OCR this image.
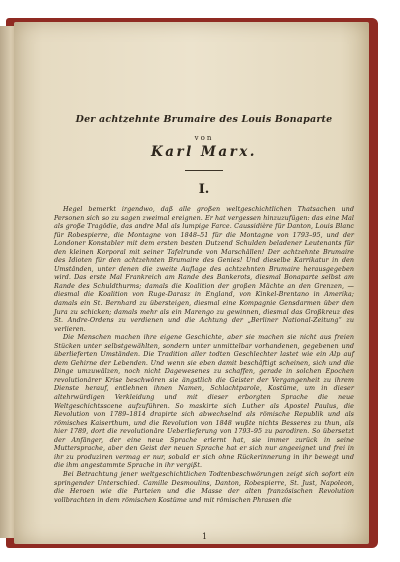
Der achtzehnte Brumaire des Louis Bonaparte
von
Karl Marx.
I.

Hegel bemerkt irgendwo, daß alle großen weltgeschichtlichen Thatsachen und Personen sich so zu sagen zweimal ereignen. Er hat vergessen hinzuzufügen: das eine Mal als große Tragödie, das andre Mal als lumpige Farce. Caussidière für Danton, Louis Blanc für Robespierre, die Montagne von 1848–51 für die Montagne von 1793–95, und der Londoner Konstabler mit dem ersten besten Dutzend Schulden beladener Leutenants für den kleinen Korporal mit seiner Tafelrunde von Marschällen! Der achtzehnte Brumaire des Idioten für den achtzehnten Brumaire des Genies! Und dieselbe Karrikatur in den Umständen, unter denen die zweite Auflage des achtzehnten Brumaire herausgegeben wird. Das erste Mal Frankreich am Rande des Bankerots, diesmal Bonaparte selbst am Rande des Schuldthurms; damals die Koalition der großen Mächte an den Grenzen, — diesmal die Koalition von Ruge-Darasz in England, von Kinkel-Brentano in Amerika; damals ein St. Bernhard zu übersteigen, diesmal eine Kompagnie Gensdarmen über den Jura zu schicken; damals mehr als ein Marengo zu gewinnen, diesmal das Großkreuz des St. Andre-Ordens zu verdienen und die Achtung der „Berliner National-Zeitung“ zu verlieren.

Die Menschen machen ihre eigene Geschichte, aber sie machen sie nicht aus freien Stücken unter selbstgewählten, sondern unter unmittelbar vorhandenen, gegebenen und überlieferten Umständen. Die Tradition aller todten Geschlechter lastet wie ein Alp auf dem Gehirne der Lebenden. Und wenn sie eben damit beschäftigt scheinen, sich und die Dinge umzuwälzen, noch nicht Dagewesenes zu schaffen, gerade in solchen Epochen revolutionärer Krise beschwören sie ängstlich die Geister der Vergangenheit zu ihrem Dienste herauf, entlehnen ihnen Namen, Schlachtparole, Kostüme, um in dieser altehrwürdigen Verkleidung und mit dieser erborgten Sprache die neue Weltgeschichtsscene aufzuführen. So maskirte sich Luther als Apostel Paulus, die Revolution von 1789–1814 drapirte sich abwechselnd als römische Republik und als römisches Kaiserthum, und die Revolution von 1848 wußte nichts Besseres zu thun, als hier 1789, dort die revolutionäre Ueberlieferung von 1793–95 zu parodiren. So übersetzt der Anfänger, der eine neue Sprache erlernt hat, sie immer zurück in seine Muttersprache, aber den Geist der neuen Sprache hat er sich nur angeeignet und frei in ihr zu produziren vermag er nur, sobald er sich ohne Rückerinnerung in ihr bewegt und die ihm angestammte Sprache in ihr vergißt.

Bei Betrachtung jener weltgeschichtlichen Todtenbeschwörungen zeigt sich sofort ein springender Unterschied. Camille Desmoulins, Danton, Robespierre, St. Just, Napoleon, die Heroen wie die Parteien und die Masse der alten französischen Revolution vollbrachten in dem römischen Kostüme und mit römischen Phrasen die

1
